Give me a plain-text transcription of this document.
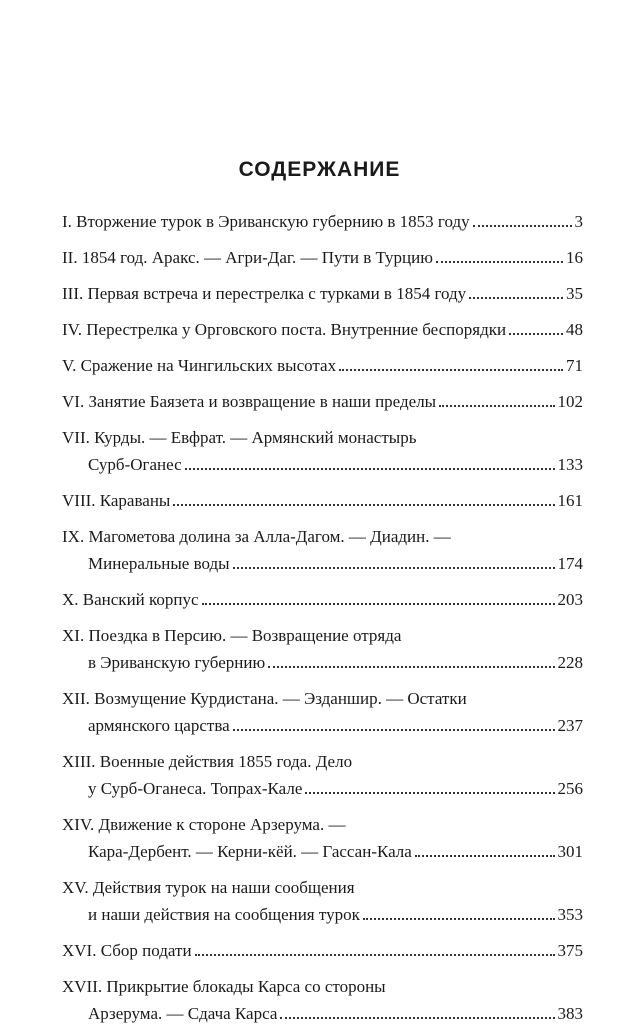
СОДЕРЖАНИЕ
I. Вторжение турок в Эриванскую губернию в 1853 году	3
II. 1854 год. Аракс. — Агри-Даг. — Пути в Турцию	16
III. Первая встреча и перестрелка с турками в 1854 году	35
IV. Перестрелка у Орговского поста. Внутренние беспорядки	48
V. Сражение на Чингильских высотах	71
VI. Занятие Баязета и возвращение в наши пределы	102
VII. Курды. — Евфрат. — Армянский монастырь
Сурб-Оганес	133
VIII. Караваны	161
IX. Магометова долина за Алла-Дагом. — Диадин. —
Минеральные воды	174
X. Ванский корпус	203
XI. Поездка в Персию. — Возвращение отряда
в Эриванскую губернию	228
XII. Возмущение Курдистана. — Эзданшир. — Остатки
армянского царства	237
XIII. Военные действия 1855 года. Дело
у Сурб-Оганеса. Топрах-Кале	256
XIV. Движение к стороне Арзерума. —
Кара-Дербент. — Керни-кёй. — Гассан-Кала	301
XV. Действия турок на наши сообщения
и наши действия на сообщения турок	353
XVI. Сбор подати	375
XVII. Прикрытие блокады Карса со стороны
Арзерума. — Сдача Карса	383
